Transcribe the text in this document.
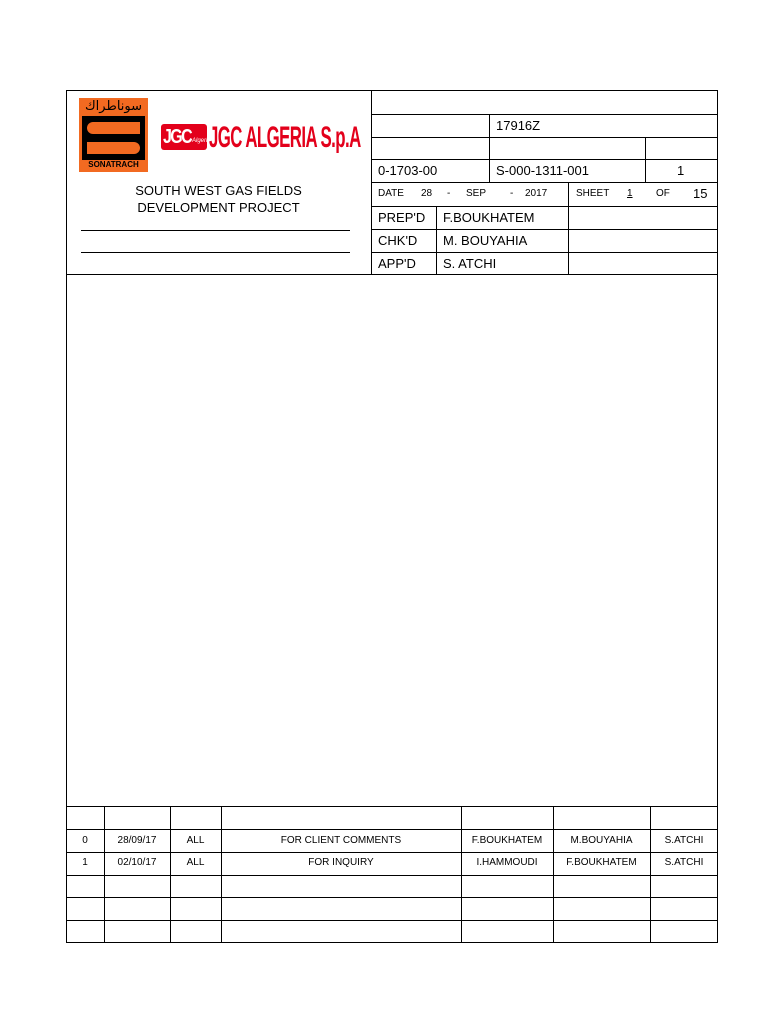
سوناطراك
SONATRACH
JGC Algeria
JGC ALGERIA S.p.A
SOUTH WEST GAS FIELDS
DEVELOPMENT PROJECT
17916Z
0-1703-00	S-000-1311-001	1
DATE 28 - SEP - 2017	SHEET 1 OF 15
PREP'D F.BOUKHATEM
CHK'D M. BOUYAHIA
APP'D S. ATCHI
0	28/09/17	ALL	FOR CLIENT COMMENTS	F.BOUKHATEM	M.BOUYAHIA	S.ATCHI
1	02/10/17	ALL	FOR INQUIRY	I.HAMMOUDI	F.BOUKHATEM	S.ATCHI
